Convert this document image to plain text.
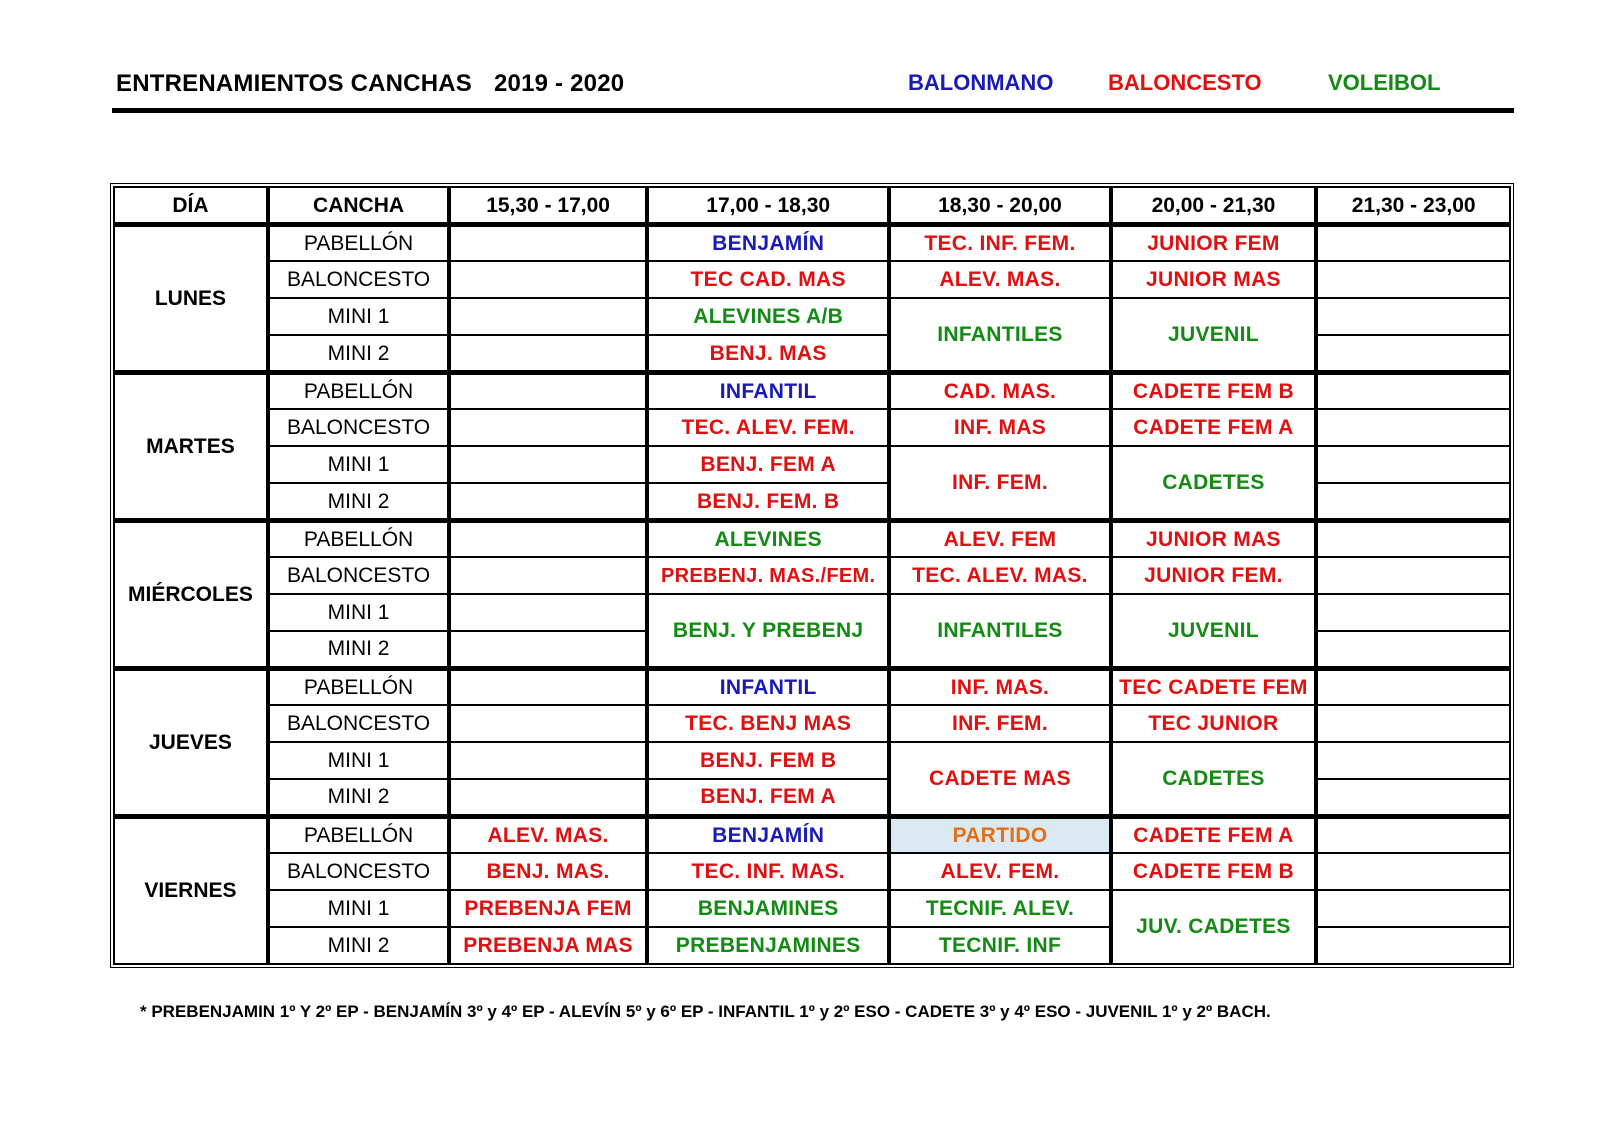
ENTRENAMIENTOS CANCHAS 2019 - 2020	BALONMANO BALONCESTO	VOLEIBOL
DÍA	CANCHA	15,30 - 17,00	17,00 - 18,30	18,30 - 20,00	20,00 - 21,30	21,30 - 23,00
LUNES	PABELLÓN		BENJAMÍN	TEC. INF. FEM.	JUNIOR FEM	
	BALONCESTO		TEC CAD. MAS	ALEV. MAS.	JUNIOR MAS	
	MINI 1		ALEVINES A/B	INFANTILES	JUVENIL	
	MINI 2		BENJ. MAS			
MARTES	PABELLÓN		INFANTIL	CAD. MAS.	CADETE FEM B	
	BALONCESTO		TEC. ALEV. FEM.	INF. MAS	CADETE FEM A	
	MINI 1		BENJ. FEM A	INF. FEM.	CADETES	
	MINI 2		BENJ. FEM. B			
MIÉRCOLES	PABELLÓN		ALEVINES	ALEV. FEM	JUNIOR MAS	
	BALONCESTO		PREBENJ. MAS./FEM.	TEC. ALEV. MAS.	JUNIOR FEM.	
	MINI 1		BENJ. Y PREBENJ	INFANTILES	JUVENIL	
	MINI 2					
JUEVES	PABELLÓN		INFANTIL	INF. MAS.	TEC CADETE FEM	
	BALONCESTO		TEC. BENJ MAS	INF. FEM.	TEC JUNIOR	
	MINI 1		BENJ. FEM B	CADETE MAS	CADETES	
	MINI 2		BENJ. FEM A			
VIERNES	PABELLÓN	ALEV. MAS.	BENJAMÍN	PARTIDO	CADETE FEM A	
	BALONCESTO	BENJ. MAS.	TEC. INF. MAS.	ALEV. FEM.	CADETE FEM B	
	MINI 1	PREBENJA FEM	BENJAMINES	TECNIF. ALEV.	JUV. CADETES	
	MINI 2	PREBENJA MAS	PREBENJAMINES	TECNIF. INF		
* PREBENJAMIN 1º Y 2º EP - BENJAMÍN 3º y 4º EP - ALEVÍN 5º y 6º EP - INFANTIL 1º y 2º ESO - CADETE 3º y 4º ESO - JUVENIL 1º y 2º BACH.
